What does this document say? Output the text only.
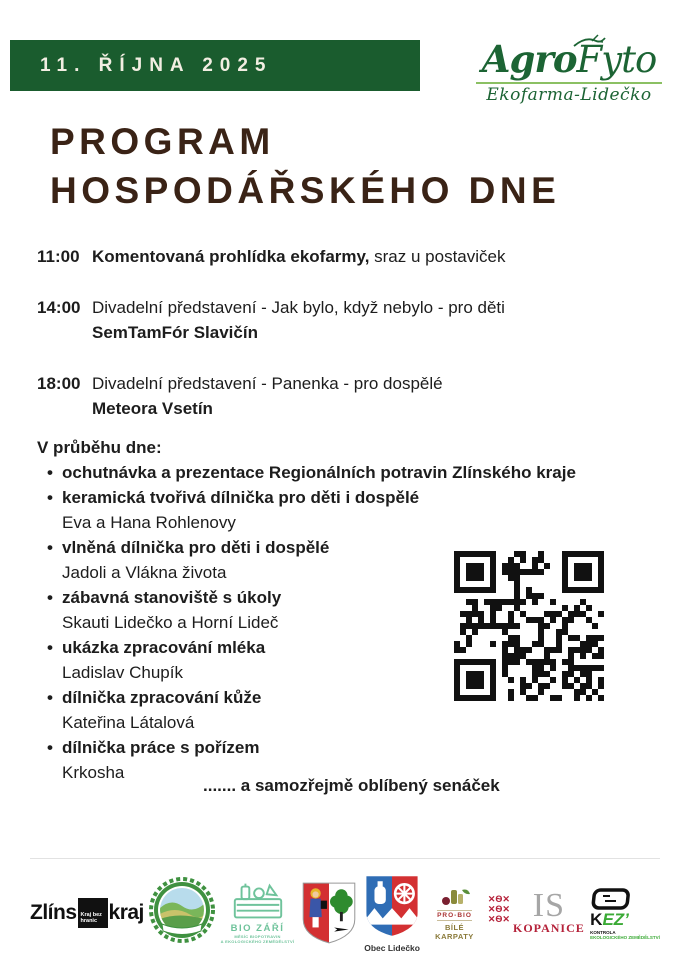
11. ŘÍJNA 2025	AgroFyto
Ekofarma-Lidečko
PROGRAM
HOSPODÁŘSKÉHO DNE
11:00 Komentovaná prohlídka ekofarmy, sraz u postaviček
14:00 Divadelní představení - Jak bylo, když nebylo - pro děti
SemTamFór Slavičín
18:00 Divadelní představení - Panenka - pro dospělé
Meteora Vsetín
V průběhu dne:
• ochutnávka a prezentace Regionálních potravin Zlínského kraje
• keramická tvořivá dílnička pro děti i dospělé
Eva a Hana Rohlenovy
• vlněná dílnička pro děti i dospělé
Jadoli a Vlákna života
• zábavná stanoviště s úkoly
Skauti Lidečko a Horní Lideč
• ukázka zpracování mléka
Ladislav Chupík
• dílnička zpracování kůže
Kateřina Látalová
• dílnička práce s pořízem
Krkosha
....... a samozřejmě oblíbený senáček
Zlíns Kraj bez
hranic kraj
BIO ZÁŘÍ
MĚSÍC BIOPOTRAVIN
A EKOLOGICKÉHO ZEMĚDĚLSTVÍ
Obec Lidečko
PRO-BIO
BÍLÉ KARPATY
✕Ѳ✕
✕Ѳ✕
✕Ѳ✕ IS
KOPANICE KEZ’
KONTROLA
EKOLOGICKÉHO ZEMĚDĚLSTVÍ
